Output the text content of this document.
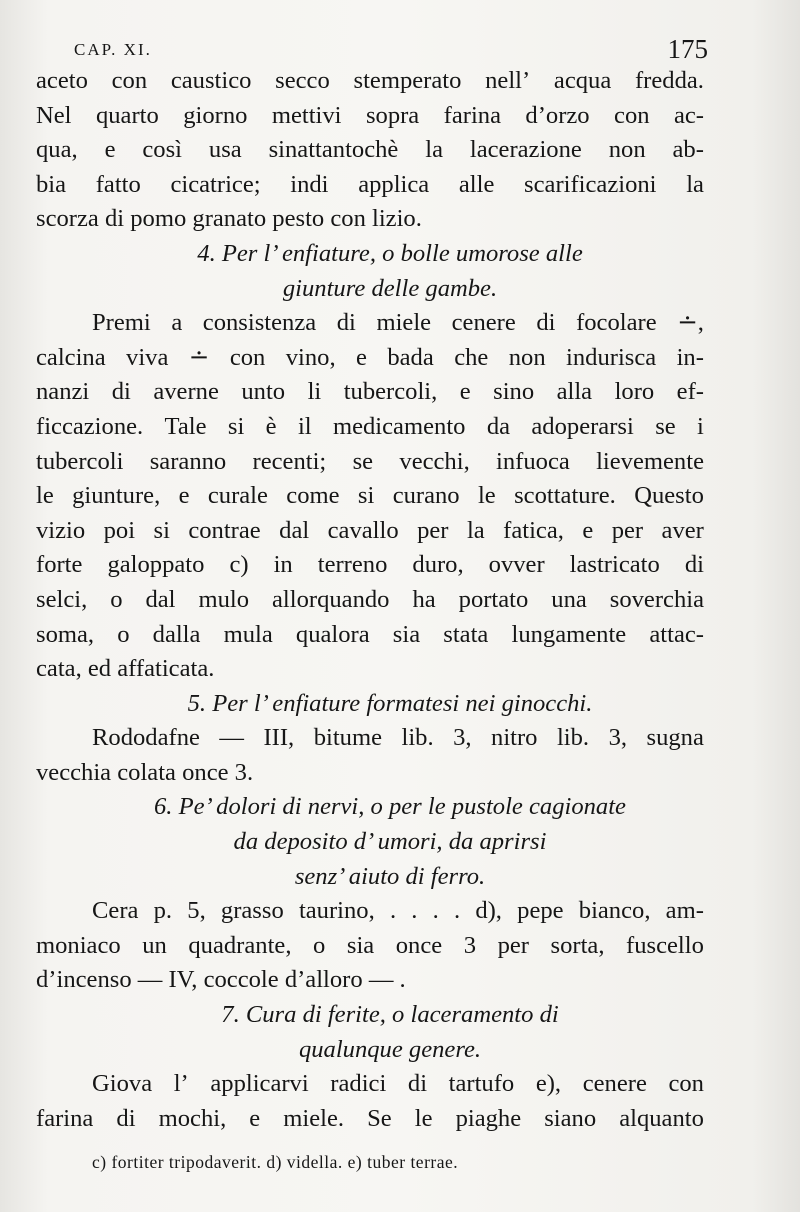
CAP. XI.	175
aceto con caustico secco stemperato nell’ acqua fredda.
Nel quarto giorno mettivi sopra farina d’orzo con ac-
qua, e così usa sinattantochè la lacerazione non ab-
bia fatto cicatrice; indi applica alle scarificazioni la
scorza di pomo granato pesto con lizio.
4. Per l’ enfiature, o bolle umorose alle
giunture delle gambe.
Premi a consistenza di miele cenere di focolare ∸,
calcina viva ∸ con vino, e bada che non indurisca in-
nanzi di averne unto li tubercoli, e sino alla loro ef-
ficcazione. Tale si è il medicamento da adoperarsi se i
tubercoli saranno recenti; se vecchi, infuoca lievemente
le giunture, e curale come si curano le scottature. Questo
vizio poi si contrae dal cavallo per la fatica, e per aver
forte galoppato c) in terreno duro, ovver lastricato di
selci, o dal mulo allorquando ha portato una soverchia
soma, o dalla mula qualora sia stata lungamente attac-
cata, ed affaticata.
5. Per l’ enfiature formatesi nei ginocchi.
Rododafne — III, bitume lib. 3, nitro lib. 3, sugna
vecchia colata once 3.
6. Pe’ dolori di nervi, o per le pustole cagionate
da deposito d’ umori, da aprirsi
senz’ aiuto di ferro.
Cera p. 5, grasso taurino, . . . . d), pepe bianco, am-
moniaco un quadrante, o sia once 3 per sorta, fuscello
d’incenso — IV, coccole d’alloro — .
7. Cura di ferite, o laceramento di
qualunque genere.
Giova l’ applicarvi radici di tartufo e), cenere con
farina di mochi, e miele. Se le piaghe siano alquanto
c) fortiter tripodaverit. d) vidella. e) tuber terrae.
